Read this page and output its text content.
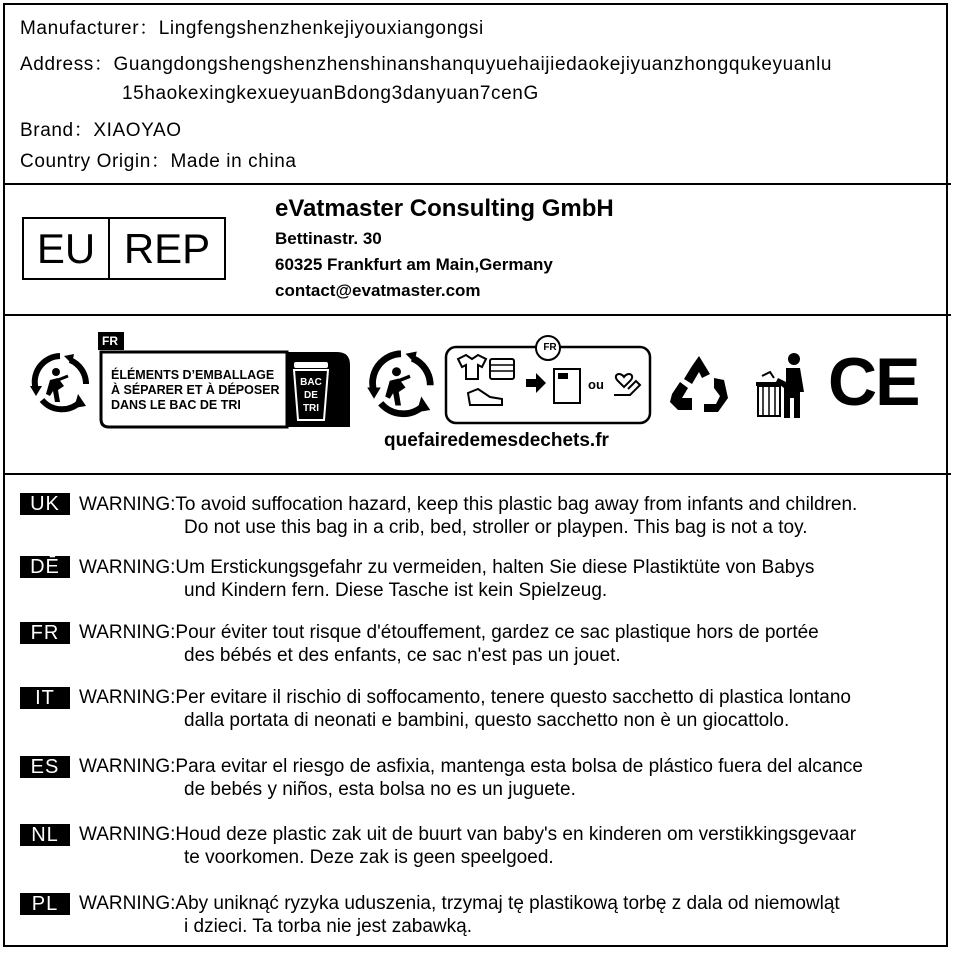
Manufacturer：Lingfengshenzhenkejiyouxiangongsi
Address：Guangdongshengshenzhenshinanshanquyuehaijiedaokejiyuanzhongqukeyuanlu
15haokexingkexueyuanBdong3danyuan7cenG
Brand：XIAOYAO
Country Origin：Made in china
EU REP
eVatmaster Consulting GmbH
Bettinastr. 30
60325 Frankfurt am Main,Germany
contact@evatmaster.com
FR
ÉLÉMENTS D’EMBALLAGE
À SÉPARER ET À DÉPOSER
DANS LE BAC DE TRI
BAC
DE
TRI
FR
ou
quefairedemesdechets.fr
CE
UK	WARNING:To avoid suffocation hazard, keep this plastic bag away from infants and children.
Do not use this bag in a crib, bed, stroller or playpen. This bag is not a toy.
DĒ	WARNING:Um Erstickungsgefahr zu vermeiden, halten Sie diese Plastiktüte von Babys
und Kindern fern. Diese Tasche ist kein Spielzeug.
FR	WARNING:Pour éviter tout risque d'étouffement, gardez ce sac plastique hors de portée
des bébés et des enfants, ce sac n'est pas un jouet.
IT	WARNING:Per evitare il rischio di soffocamento, tenere questo sacchetto di plastica lontano
dalla portata di neonati e bambini, questo sacchetto non è un giocattolo.
ES	WARNING:Para evitar el riesgo de asfixia, mantenga esta bolsa de plástico fuera del alcance
de bebés y niños, esta bolsa no es un juguete.
NL	WARNING:Houd deze plastic zak uit de buurt van baby's en kinderen om verstikkingsgevaar
te voorkomen. Deze zak is geen speelgoed.
PL	WARNING:Aby uniknąć ryzyka uduszenia, trzymaj tę plastikową torbę z dala od niemowląt
i dzieci. Ta torba nie jest zabawką.
